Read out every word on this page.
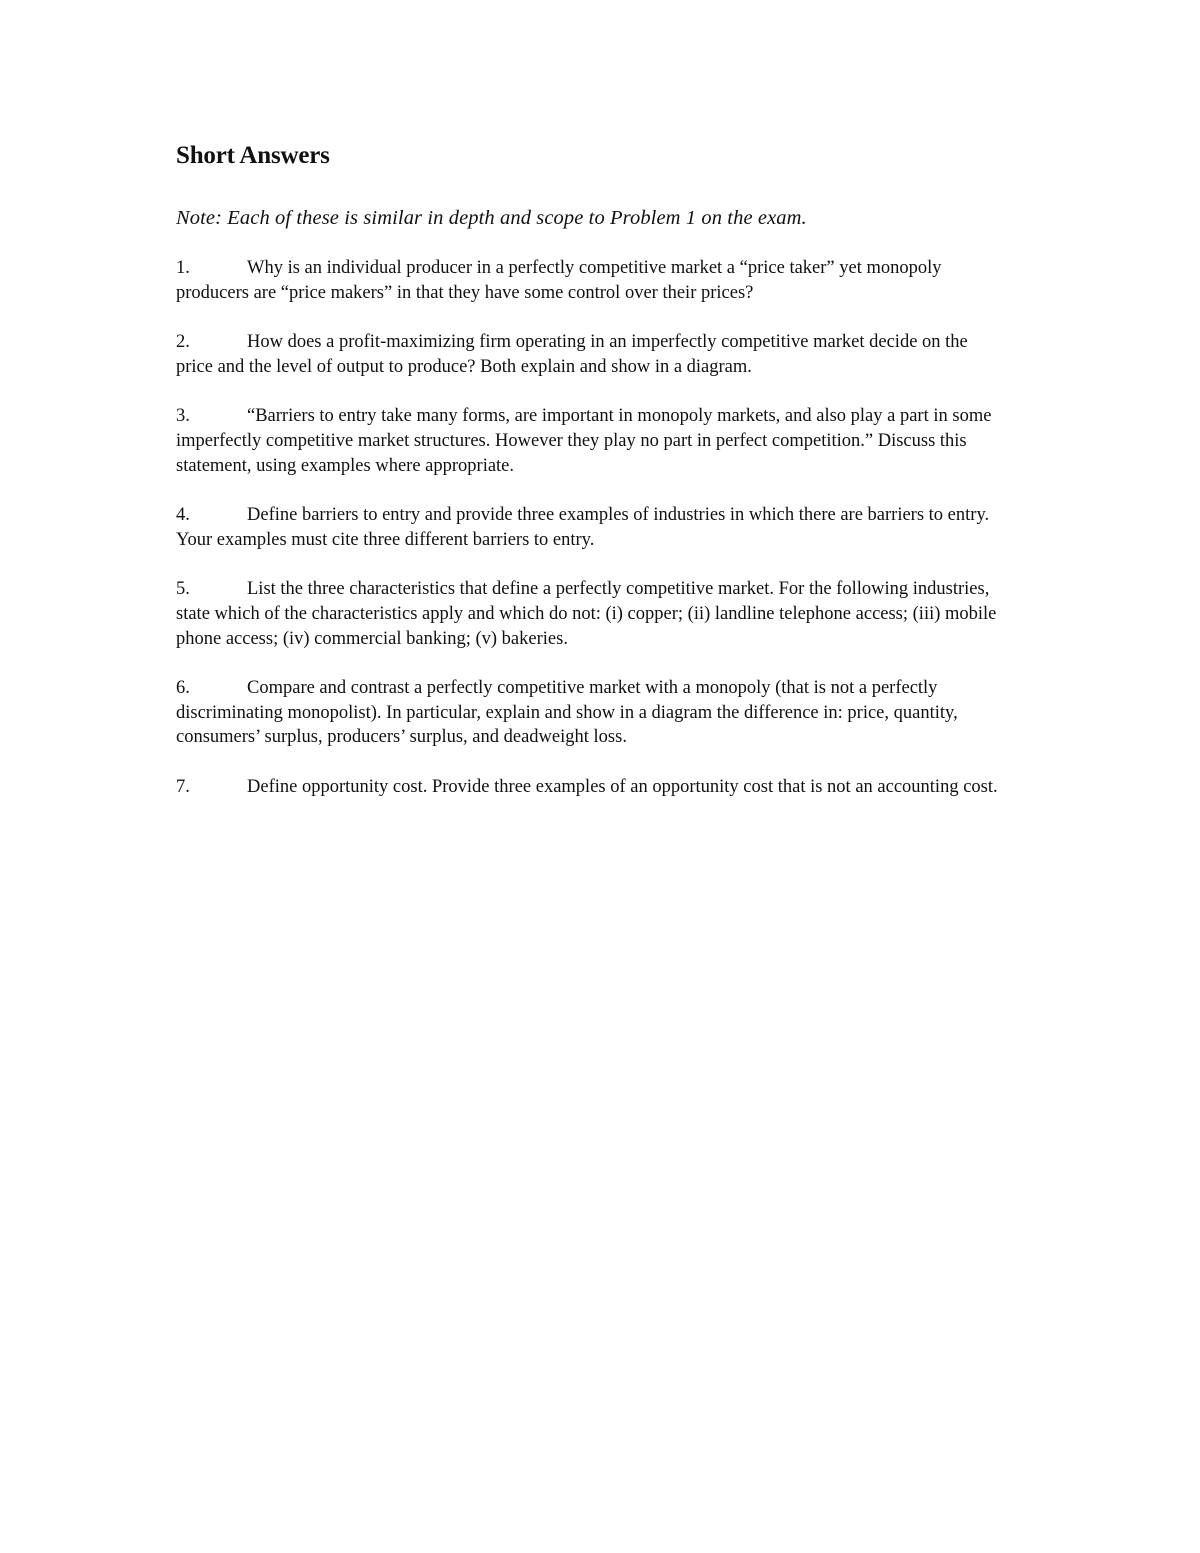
Short Answers

Note: Each of these is similar in depth and scope to Problem 1 on the exam.

1.	Why is an individual producer in a perfectly competitive market a “price taker” yet monopoly producers are “price makers” in that they have some control over their prices?
2.	How does a profit-maximizing firm operating in an imperfectly competitive market decide on the price and the level of output to produce? Both explain and show in a diagram.
3.	“Barriers to entry take many forms, are important in monopoly markets, and also play a part in some imperfectly competitive market structures. However they play no part in perfect competition.” Discuss this statement, using examples where appropriate.
4.	Define barriers to entry and provide three examples of industries in which there are barriers to entry. Your examples must cite three different barriers to entry.
5.	List the three characteristics that define a perfectly competitive market. For the following industries, state which of the characteristics apply and which do not: (i) copper; (ii) landline telephone access; (iii) mobile phone access; (iv) commercial banking; (v) bakeries.
6.	Compare and contrast a perfectly competitive market with a monopoly (that is not a perfectly discriminating monopolist). In particular, explain and show in a diagram the difference in: price, quantity, consumers’ surplus, producers’ surplus, and deadweight loss.
7.	Define opportunity cost. Provide three examples of an opportunity cost that is not an accounting cost.
